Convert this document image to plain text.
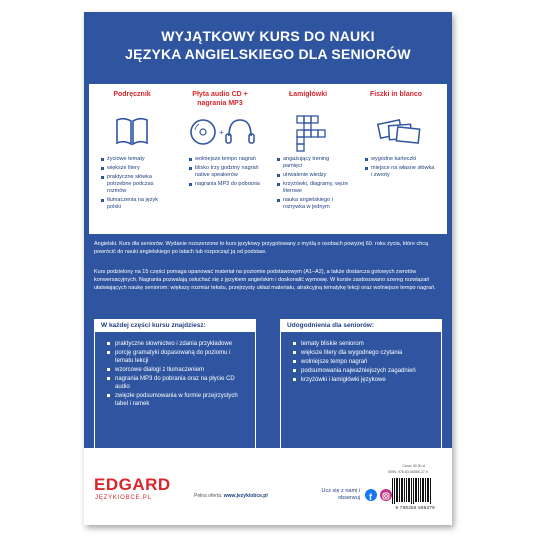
WYJĄTKOWY KURS DO NAUKI
JĘZYKA ANGIELSKIEGO DLA SENIORÓW
Podręcznik
życiowe tematy
większe litery
praktyczne słówka potrzebne podczas rozmów
tłumaczenia na język polski
Płyta audio CD + nagrania MP3
+
wolniejsze tempo nagrań
blisko trzy godziny nagrań native speakerów
nagrania MP3 do pobrania
Łamigłówki
angażujący trening pamięci
utrwalenie wiedzy
krzyżówki, diagramy, węże literowe
nauka angielskiego i rozrywka w jednym
Fiszki in blanco
wygodne karteczki
miejsce na własne słówka i zwroty
Angielski. Kurs dla seniorów. Wydanie rozszerzone to kurs językowy przygotowany z myślą o osobach powyżej 60. roku życia, które chcą powrócić do nauki angielskiego po latach lub rozpocząć ją od podstaw.
Kurs podzielony na 15 części pomaga opanować materiał na poziomie podstawowym (A1–A2), a także dostarcza gotowych zwrotów konwersacyjnych. Nagrania pozwalają osłuchać się z językiem angielskim i doskonalić wymowę. W kursie zastosowano szereg rozwiązań ułatwiających naukę seniorom: większy rozmiar tekstu, przejrzysty układ materiału, atrakcyjną tematykę lekcji oraz wolniejsze tempo nagrań.
W każdej części kursu znajdziesz:
praktyczne słownictwo i zdania przykładowe
porcję gramatyki dopasowaną do poziomu i tematu lekcji
wzorcowe dialogi z tłumaczeniem
nagrania MP3 do pobrania oraz na płycie CD audio
zwięzłe podsumowania w formie przejrzystych tabel i ramek
Udogodnienia dla seniorów:
tematy bliskie seniorom
większe litery dla wygodnego czytania
wolniejsze tempo nagrań
podsumowania najważniejszych zagadnień
krzyżówki i łamigłówki językowe
EDGARD
JĘZYKIOBCE.PL	Pełna oferta: www.jezykiobce.pl
Ucz się z nami i obserwuj f
Cena: 49,90 zł
ISBN: 978-83-66586-27-9
9 788366 586279
